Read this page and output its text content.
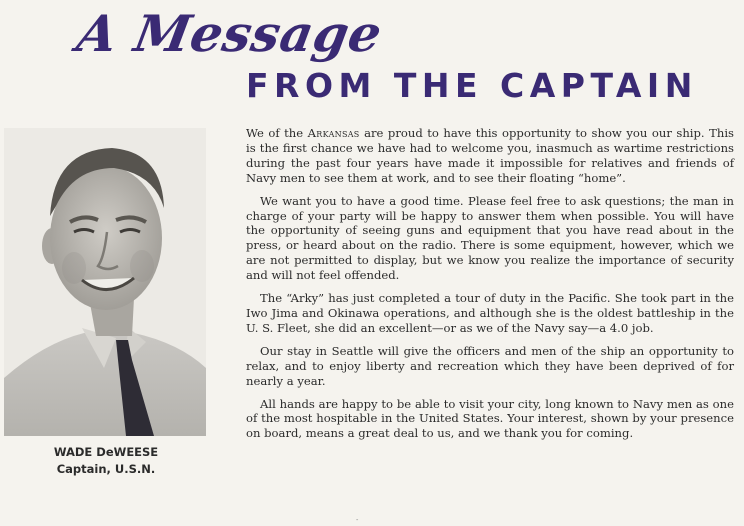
A Message
FROM THE CAPTAIN
WADE DeWEESE
Captain, U.S.N.

We of the Arkansas are proud to have this opportunity to show you our ship. This is the first chance we have had to welcome you, inasmuch as wartime restrictions during the past four years have made it impossible for relatives and friends of Navy men to see them at work, and to see their floating “home”.

We want you to have a good time. Please feel free to ask questions; the man in charge of your party will be happy to answer them when possible. You will have the opportunity of seeing guns and equipment that you have read about in the press, or heard about on the radio. There is some equipment, however, which we are not permitted to display, but we know you realize the importance of security and will not feel offended.

The “Arky” has just completed a tour of duty in the Pacific. She took part in the Iwo Jima and Okinawa operations, and although she is the oldest battleship in the U. S. Fleet, she did an excellent—or as we of the Navy say—a 4.0 job.

Our stay in Seattle will give the officers and men of the ship an opportunity to relax, and to enjoy liberty and recreation which they have been deprived of for nearly a year.

All hands are happy to be able to visit your city, long known to Navy men as one of the most hospitable in the United States. Your interest, shown by your presence on board, means a great deal to us, and we thank you for coming.

-
